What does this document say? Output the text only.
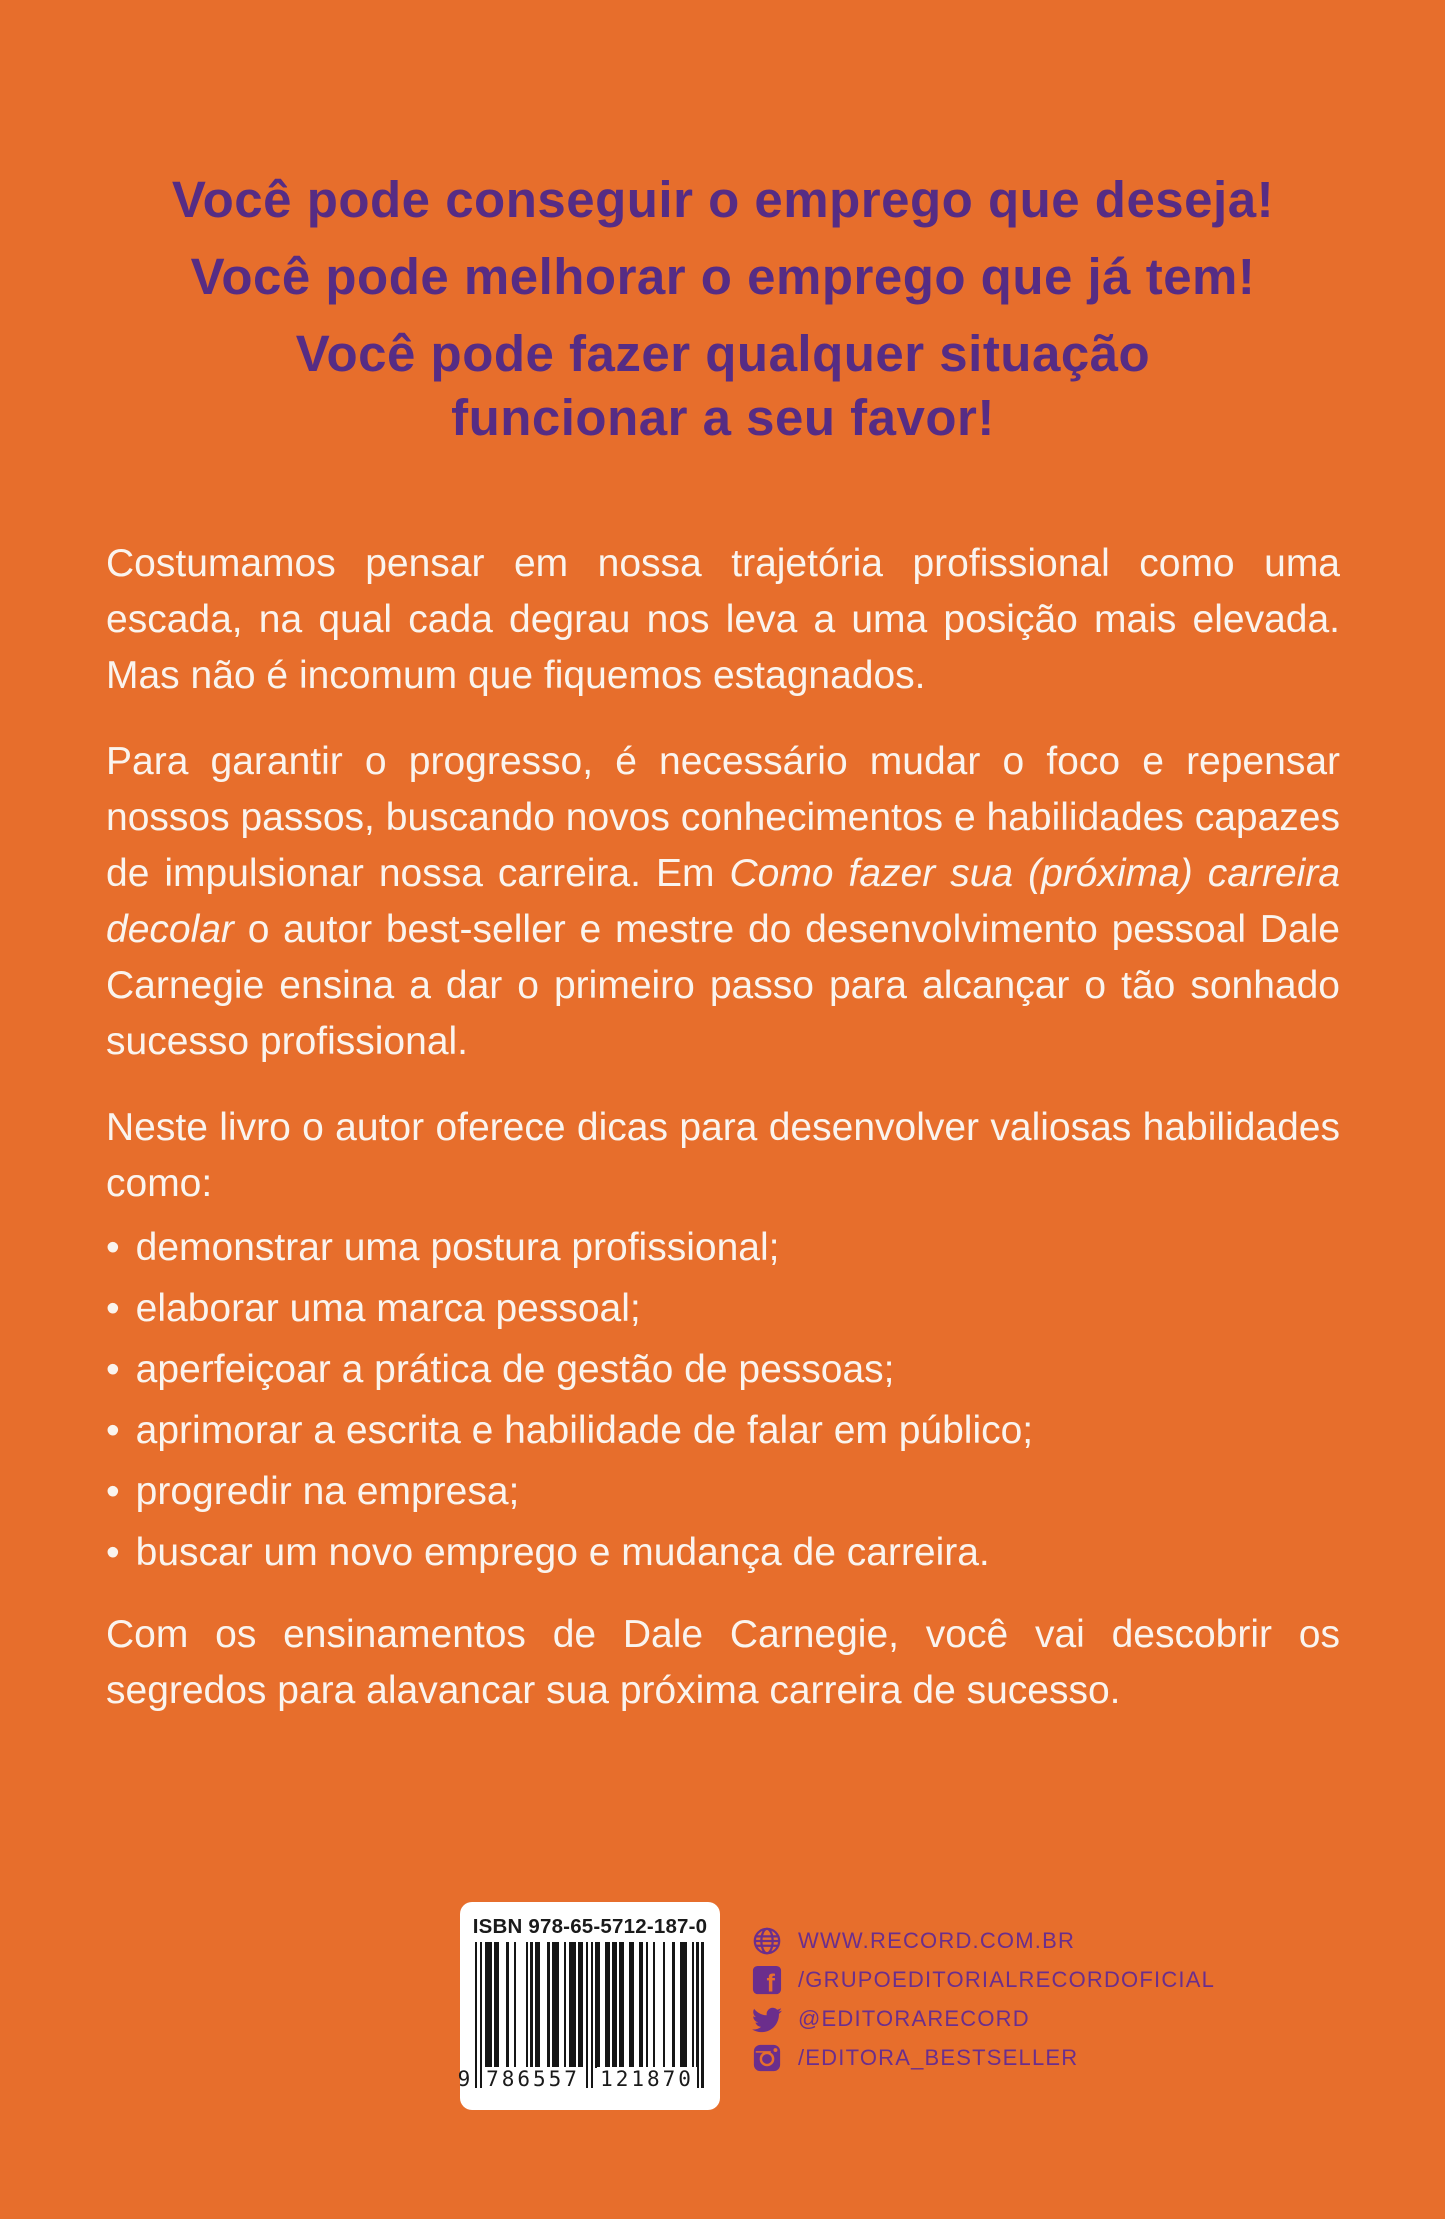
Você pode conseguir o emprego que deseja!
Você pode melhorar o emprego que já tem!
Você pode fazer qualquer situação
funcionar a seu favor!

Costumamos pensar em nossa trajetória profissional como uma escada, na qual cada degrau nos leva a uma posição mais elevada. Mas não é incomum que fiquemos estagnados.

Para garantir o progresso, é necessário mudar o foco e repensar nossos passos, buscando novos conhecimentos e habilidades capazes de impulsionar nossa carreira. Em Como fazer sua (próxima) carreira decolar o autor best-seller e mestre do desenvolvimento pessoal Dale Carnegie ensina a dar o primeiro passo para alcançar o tão sonhado sucesso profissional.

Neste livro o autor oferece dicas para desenvolver valiosas habilidades como:

• demonstrar uma postura profissional;
• elaborar uma marca pessoal;
• aperfeiçoar a prática de gestão de pessoas;
• aprimorar a escrita e habilidade de falar em público;
• progredir na empresa;
• buscar um novo emprego e mudança de carreira.

Com os ensinamentos de Dale Carnegie, você vai descobrir os segredos para alavancar sua próxima carreira de sucesso.

ISBN 978-65-5712-187-0
9 786557 121870
WWW.RECORD.COM.BR
f /GRUPOEDITORIALRECORDOFICIAL
@EDITORARECORD
/EDITORA_BESTSELLER
